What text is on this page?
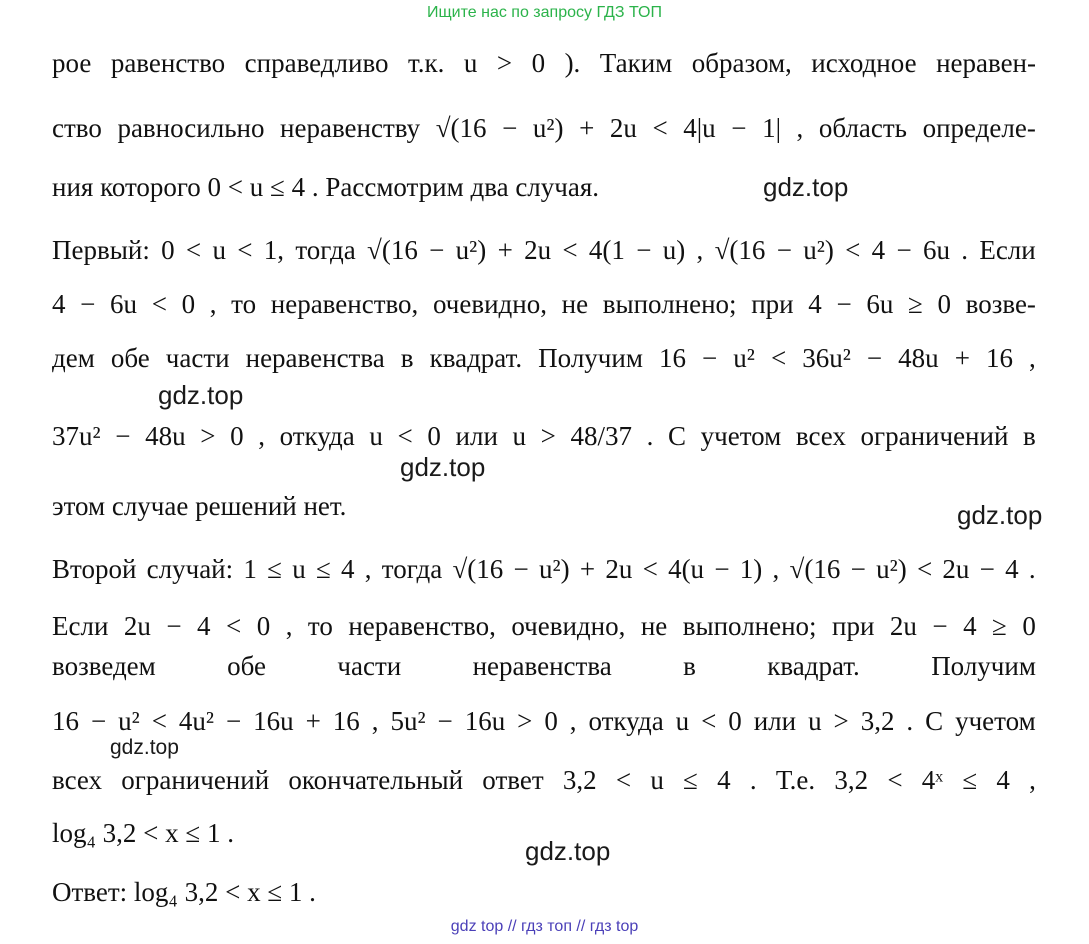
Ищите нас по запросу ГДЗ ТОП
рое равенство справедливо т.к. u > 0 ). Таким образом, исходное неравен-
ство равносильно неравенству √(16 − u²) + 2u < 4|u − 1| , область определе-
ния которого 0 < u ≤ 4 . Рассмотрим два случая.
Первый: 0 < u < 1, тогда √(16 − u²) + 2u < 4(1 − u) , √(16 − u²) < 4 − 6u . Если
4 − 6u < 0 , то неравенство, очевидно, не выполнено; при 4 − 6u ≥ 0 возве-
дем обе части неравенства в квадрат. Получим 16 − u² < 36u² − 48u + 16 ,
37u² − 48u > 0 , откуда u < 0 или u > 48/37 . С учетом всех ограничений в
этом случае решений нет.
Второй случай: 1 ≤ u ≤ 4 , тогда √(16 − u²) + 2u < 4(u − 1) , √(16 − u²) < 2u − 4 .
Если 2u − 4 < 0 , то неравенство, очевидно, не выполнено; при 2u − 4 ≥ 0
возведем	обе	части	неравенства	в	квадрат.	Получим
16 − u² < 4u² − 16u + 16 , 5u² − 16u > 0 , откуда u < 0 или u > 3,2 . С учетом
всех ограничений окончательный ответ 3,2 < u ≤ 4 . Т.е. 3,2 < 4ˣ ≤ 4 ,
log₄ 3,2 < x ≤ 1 .
Ответ: log₄ 3,2 < x ≤ 1 .
gdz.top
gdz.top
gdz.top
gdz.top
gdz.top
gdz.top
gdz top // гдз топ // гдз top
